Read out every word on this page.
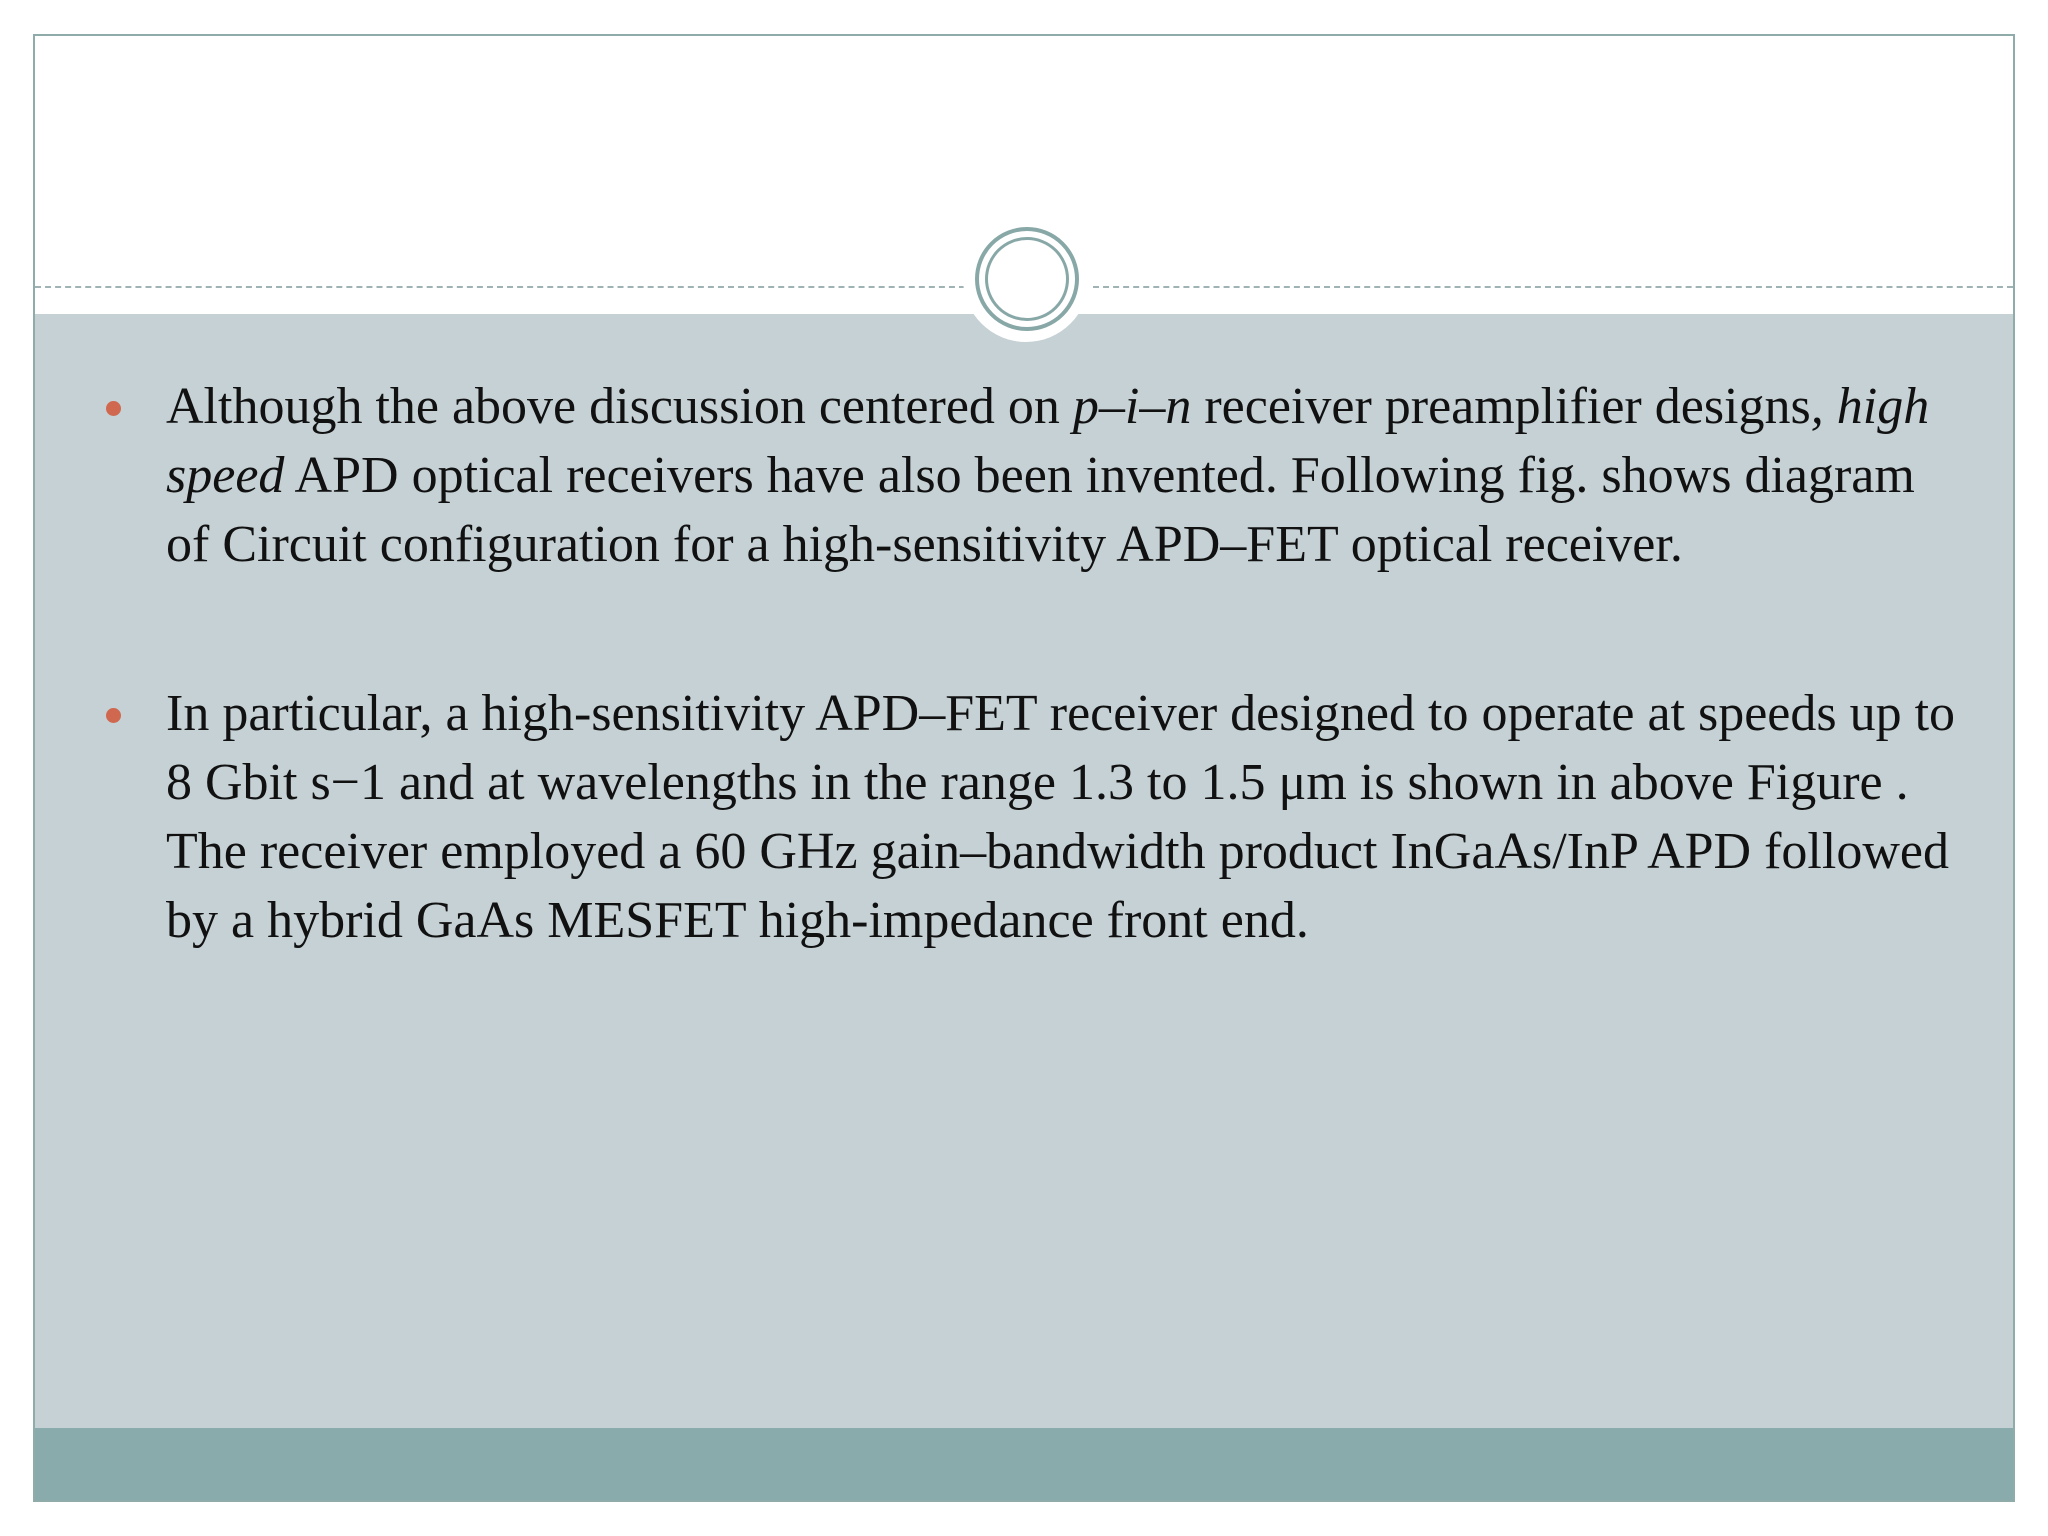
Although the above discussion centered on p–i–n receiver preamplifier designs, high speed APD optical receivers have also been invented. Following fig. shows diagram of Circuit configuration for a high-sensitivity APD–FET optical receiver.
In particular, a high-sensitivity APD–FET receiver designed to operate at speeds up to 8 Gbit s−1 and at wavelengths in the range 1.3 to 1.5 μm is shown in above Figure . The receiver employed a 60 GHz gain–bandwidth product InGaAs/InP APD followed by a hybrid GaAs MESFET high-impedance front end.
